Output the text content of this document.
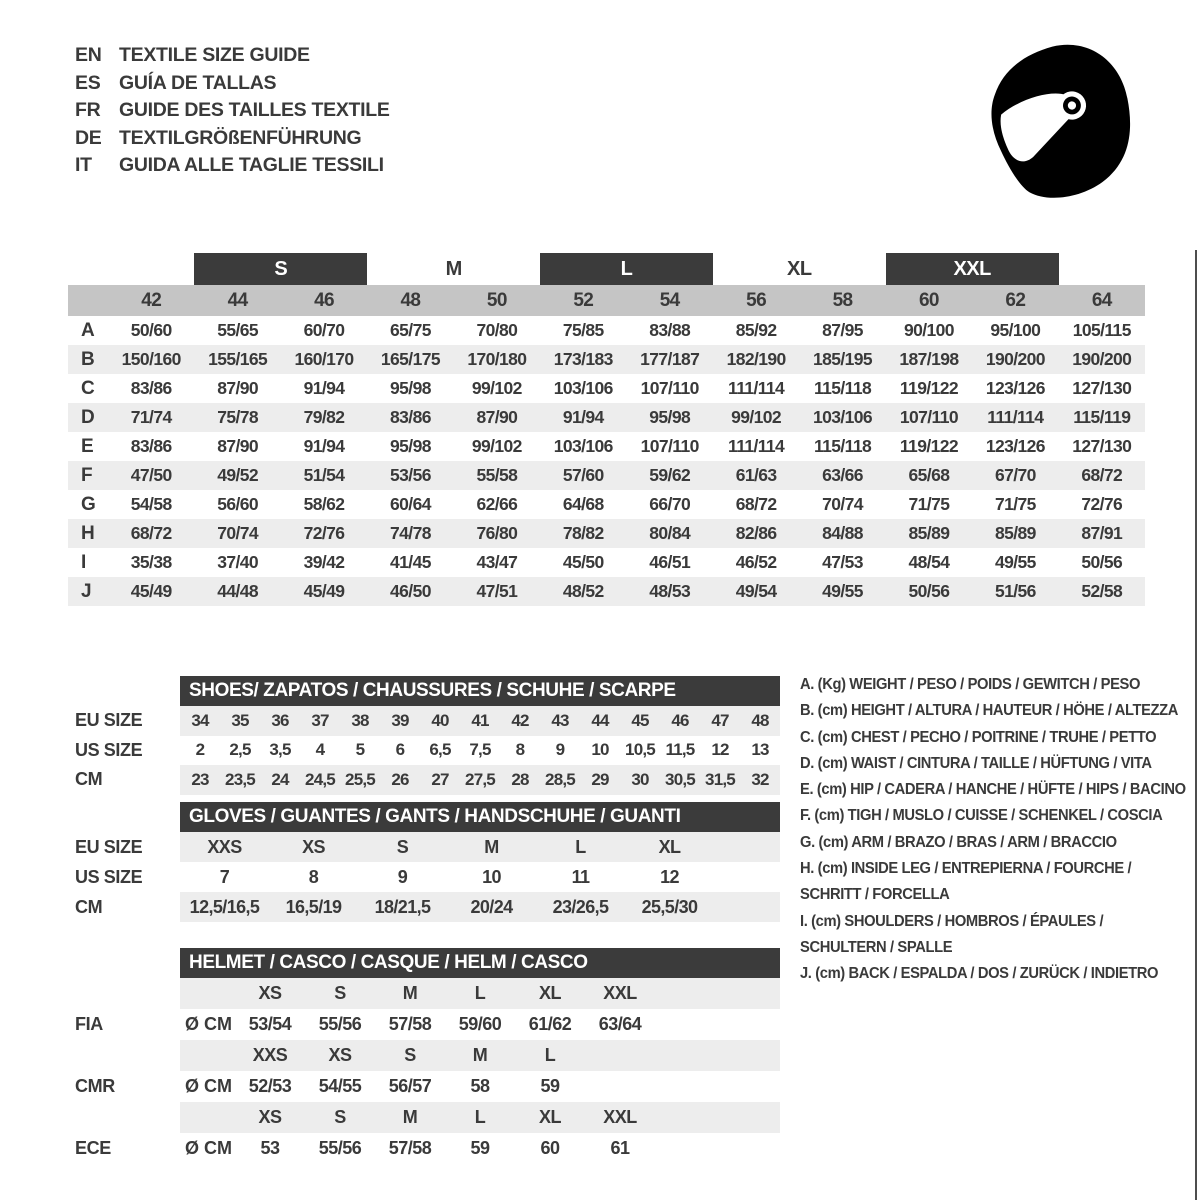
EN TEXTILE SIZE GUIDE
ES GUÍA DE TALLAS
FR GUIDE DES TAILLES TEXTILE
DE TEXTILGRÖßENFÜHRUNG
IT	GUIDA ALLE TAGLIE TESSILI
S	M	L	XL	XXL
42	44	46	48	50	52	54	56	58	60	62	64
A	50/60	55/65	60/70	65/75	70/80	75/85	83/88	85/92	87/95	90/100	95/100	105/115
B	150/160	155/165	160/170	165/175	170/180	173/183	177/187	182/190	185/195	187/198	190/200	190/200
C	83/86	87/90	91/94	95/98	99/102	103/106	107/110	111/114	115/118	119/122	123/126	127/130
D	71/74	75/78	79/82	83/86	87/90	91/94	95/98	99/102	103/106	107/110	111/114	115/119
E	83/86	87/90	91/94	95/98	99/102	103/106	107/110	111/114	115/118	119/122	123/126	127/130
F	47/50	49/52	51/54	53/56	55/58	57/60	59/62	61/63	63/66	65/68	67/70	68/72
G	54/58	56/60	58/62	60/64	62/66	64/68	66/70	68/72	70/74	71/75	71/75	72/76
H	68/72	70/74	72/76	74/78	76/80	78/82	80/84	82/86	84/88	85/89	85/89	87/91
I	35/38	37/40	39/42	41/45	43/47	45/50	46/51	46/52	47/53	48/54	49/55	50/56
J	45/49	44/48	45/49	46/50	47/51	48/52	48/53	49/54	49/55	50/56	51/56	52/58
SHOES/ ZAPATOS / CHAUSSURES / SCHUHE / SCARPE
EU SIZE	34	35	36	37	38	39	40	41	42	43	44	45	46	47	48
US SIZE	2	2,5	3,5	4	5	6	6,5	7,5	8	9	10 10,5 11,5 12	13
CM	23 23,5 24 24,5 25,5 26	27 27,5 28 28,5 29	30 30,5 31,5 32
GLOVES / GUANTES / GANTS / HANDSCHUHE / GUANTI
EU SIZE	XXS	XS	S	M	L	XL
US SIZE	7	8	9	10	11	12
CM	12,5/16,5	16,5/19	18/21,5	20/24	23/26,5	25,5/30
HELMET / CASCO / CASQUE / HELM / CASCO
XS	S	M	L	XL	XXL
FIA	Ø CM 53/54	55/56	57/58	59/60	61/62	63/64
XXS	XS	S	M	L
CMR	Ø CM 52/53	54/55	56/57	58	59
XS	S	M	L	XL	XXL
ECE	Ø CM	53	55/56	57/58	59	60	61
A. (Kg) WEIGHT / PESO / POIDS / GEWITCH / PESO
B. (cm) HEIGHT / ALTURA / HAUTEUR / HÖHE / ALTEZZA
C. (cm) CHEST / PECHO / POITRINE / TRUHE / PETTO
D. (cm) WAIST / CINTURA / TAILLE / HÜFTUNG / VITA
E. (cm) HIP / CADERA / HANCHE / HÜFTE / HIPS / BACINO
F. (cm) TIGH / MUSLO / CUISSE / SCHENKEL / COSCIA
G. (cm) ARM / BRAZO / BRAS / ARM / BRACCIO
H. (cm) INSIDE LEG / ENTREPIERNA / FOURCHE /
SCHRITT / FORCELLA
I. (cm) SHOULDERS / HOMBROS / ÉPAULES /
SCHULTERN / SPALLE
J. (cm) BACK / ESPALDA / DOS / ZURÜCK / INDIETRO
